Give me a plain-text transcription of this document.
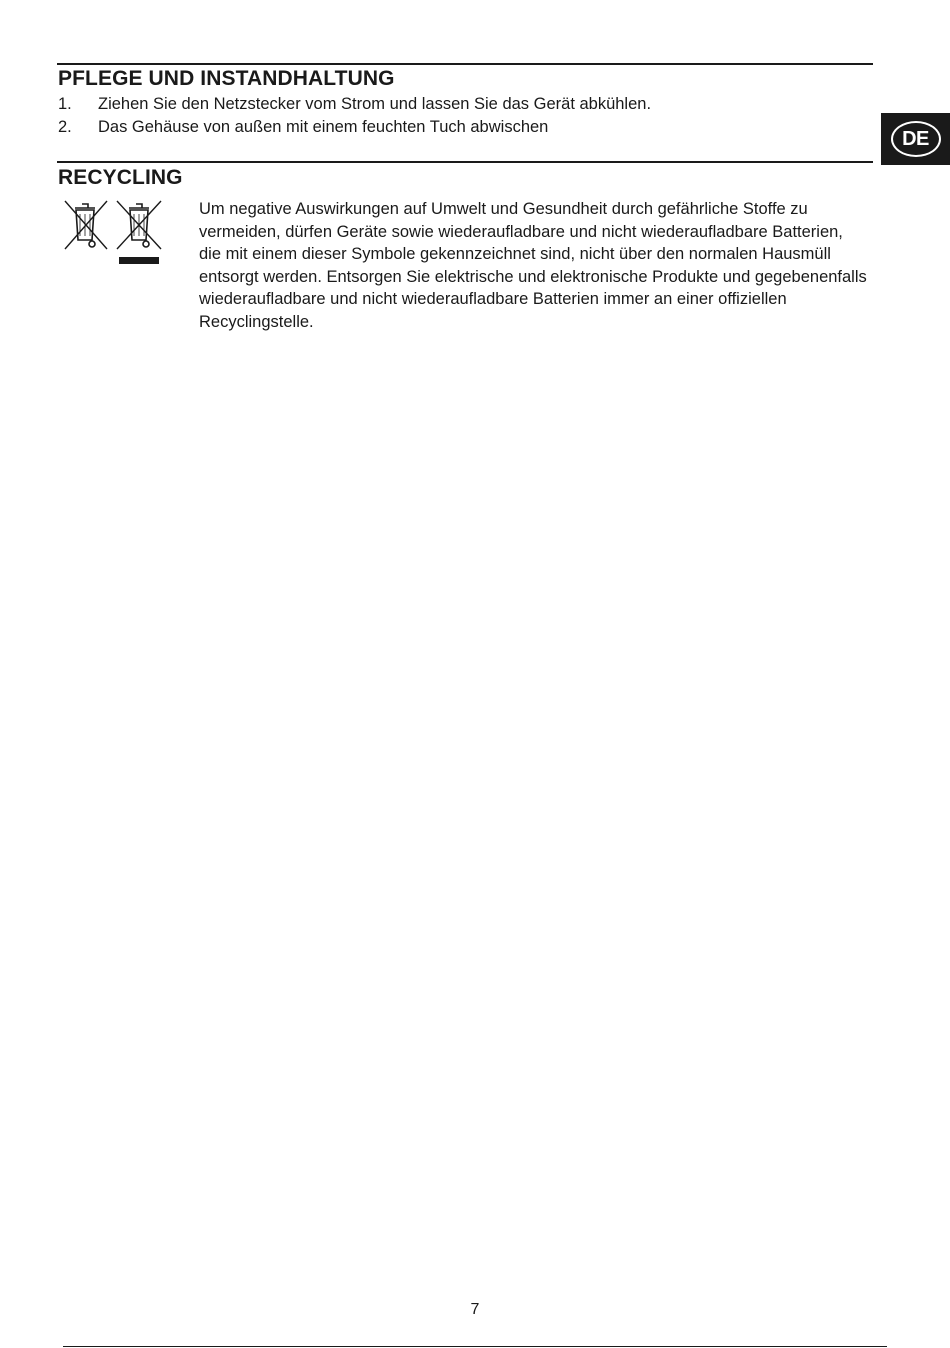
PFLEGE UND INSTANDHALTUNG
1.	Ziehen Sie den Netzstecker vom Strom und lassen Sie das Gerät abkühlen.
2.	Das Gehäuse von außen mit einem feuchten Tuch abwischen
DE
RECYCLING

Um negative Auswirkungen auf Umwelt und Gesundheit durch gefährliche Stoffe zu vermeiden, dürfen Geräte sowie wiederaufladbare und nicht wiederaufladbare Batterien, die mit einem dieser Symbole gekennzeichnet sind, nicht über den normalen Hausmüll entsorgt werden. Entsorgen Sie elektrische und elektronische Produkte und gegebenenfalls wiederaufladbare und nicht wiederaufladbare Batterien immer an einer offiziellen Recyclingstelle.

7
